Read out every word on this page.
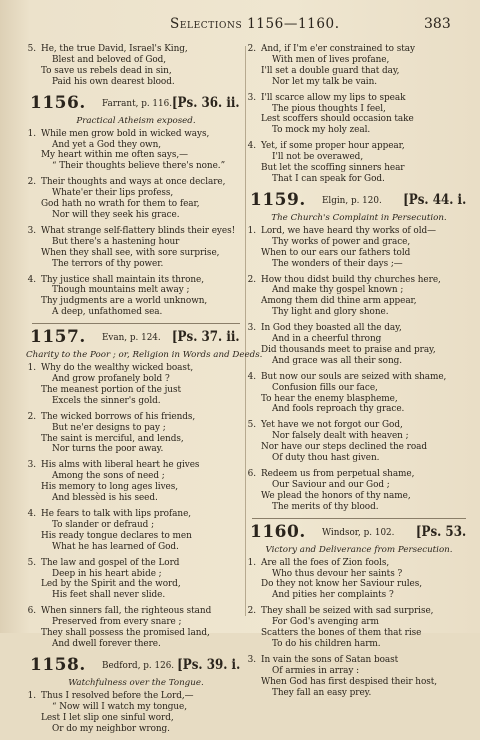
Selections 1156—1160.	383
5. He, the true David, Israel's King,
Blest and beloved of God,
To save us rebels dead in sin,
Paid his own dearest blood.
1156. Farrant, p. 116. [Ps. 36. ii.
Practical Atheism exposed.
1. While men grow bold in wicked ways,
And yet a God they own,
My heart within me often says,—
“ Their thoughts believe there's none.”
2. Their thoughts and ways at once declare,
Whate'er their lips profess,
God hath no wrath for them to fear,
Nor will they seek his grace.
3. What strange self-flattery blinds their eyes!
But there's a hastening hour
When they shall see, with sore surprise,
The terrors of thy power.
4. Thy justice shall maintain its throne,
Though mountains melt away ;
Thy judgments are a world unknown,
A deep, unfathomed sea.
1157. Evan, p. 124. [Ps. 37. ii.
Charity to the Poor ; or, Religion in Words and Deeds.
1. Why do the wealthy wicked boast,
And grow profanely bold ?
The meanest portion of the just
Excels the sinner's gold.
2. The wicked borrows of his friends,
But ne'er designs to pay ;
The saint is merciful, and lends,
Nor turns the poor away.
3. His alms with liberal heart he gives
Among the sons of need ;
His memory to long ages lives,
And blessèd is his seed.
4. He fears to talk with lips profane,
To slander or defraud ;
His ready tongue declares to men
What he has learned of God.
5. The law and gospel of the Lord
Deep in his heart abide ;
Led by the Spirit and the word,
His feet shall never slide.
6. When sinners fall, the righteous stand
Preserved from every snare ;
They shall possess the promised land,
And dwell forever there.
1158. Bedford, p. 126. [Ps. 39. i.
Watchfulness over the Tongue.
1. Thus I resolved before the Lord,—
“ Now will I watch my tongue,
Lest I let slip one sinful word,
Or do my neighbor wrong.
2. And, if I'm e'er constrained to stay
With men of lives profane,
I'll set a double guard that day,
Nor let my talk be vain.
3. I'll scarce allow my lips to speak
The pious thoughts I feel,
Lest scoffers should occasion take
To mock my holy zeal.
4. Yet, if some proper hour appear,
I'll not be overawed,
But let the scoffing sinners hear
That I can speak for God.
1159. Elgin, p. 120. [Ps. 44. i.
The Church's Complaint in Persecution.
1. Lord, we have heard thy works of old—
Thy works of power and grace,
When to our ears our fathers told
The wonders of their days ;—
2. How thou didst build thy churches here,
And make thy gospel known ;
Among them did thine arm appear,
Thy light and glory shone.
3. In God they boasted all the day,
And in a cheerful throng
Did thousands meet to praise and pray,
And grace was all their song.
4. But now our souls are seized with shame,
Confusion fills our face,
To hear the enemy blaspheme,
And fools reproach thy grace.
5. Yet have we not forgot our God,
Nor falsely dealt with heaven ;
Nor have our steps declined the road
Of duty thou hast given.
6. Redeem us from perpetual shame,
Our Saviour and our God ;
We plead the honors of thy name,
The merits of thy blood.
1160. Windsor, p. 102. [Ps. 53.
Victory and Deliverance from Persecution.
1. Are all the foes of Zion fools,
Who thus devour her saints ?
Do they not know her Saviour rules,
And pities her complaints ?
2. They shall be seized with sad surprise,
For God's avenging arm
Scatters the bones of them that rise
To do his children harm.
3. In vain the sons of Satan boast
Of armies in array :
When God has first despised their host,
They fall an easy prey.
